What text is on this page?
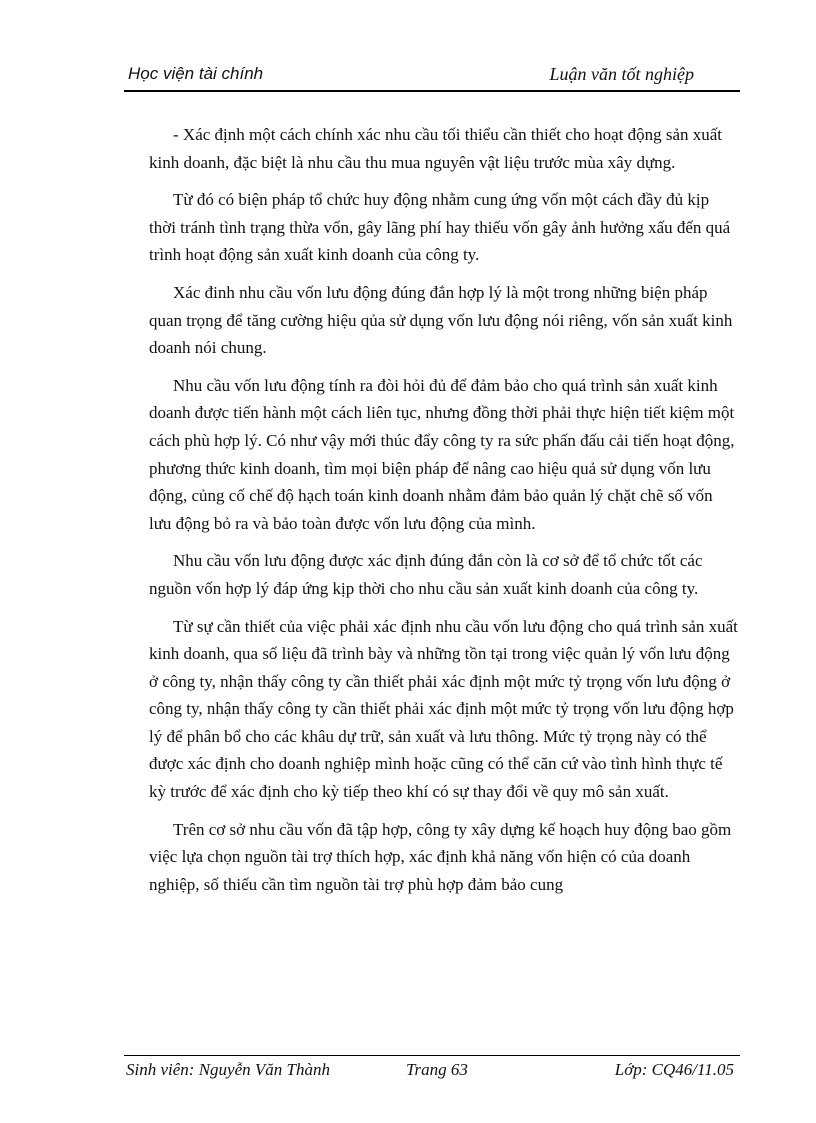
Học viện tài chính	Luận văn tốt nghiệp

- Xác định một cách chính xác nhu cầu tối thiểu cần thiết cho hoạt động sản xuất kinh doanh, đặc biệt là nhu cầu thu mua nguyên vật liệu trước mùa xây dựng.

Từ đó có biện pháp tổ chức huy động nhằm cung ứng vốn một cách đầy đủ kịp thời tránh tình trạng thừa vốn, gây lãng phí hay thiếu vốn gây ảnh hưởng xấu đến quá trình hoạt động sản xuất kinh doanh của công ty.

Xác đinh nhu cầu vốn lưu động đúng đắn hợp lý là một trong những biện pháp quan trọng để tăng cường hiệu qủa sử dụng vốn lưu động nói riêng, vốn sản xuất kinh doanh nói chung.

Nhu cầu vốn lưu động tính ra đòi hỏi đủ để đảm bảo cho quá trình sản xuất kinh doanh được tiến hành một cách liên tục, nhưng đồng thời phải thực hiện tiết kiệm một cách phù hợp lý. Có như vậy mới thúc đẩy công ty ra sức phấn đấu cải tiến hoạt động, phương thức kinh doanh, tìm mọi biện pháp để nâng cao hiệu quả sử dụng vốn lưu động, củng cố chế độ hạch toán kinh doanh nhằm đảm bảo quản lý chặt chẽ số vốn lưu động bỏ ra và bảo toàn được vốn lưu động của mình.

Nhu cầu vốn lưu động được xác định đúng đắn còn là cơ sở để tổ chức tốt các nguồn vốn hợp lý đáp ứng kịp thời cho nhu cầu sản xuất kinh doanh của công ty.

Từ sự cần thiết của việc phải xác định nhu cầu vốn lưu động cho quá trình sản xuất kinh doanh, qua số liệu đã trình bày và những tồn tại trong việc quản lý vốn lưu động ở công ty, nhận thấy công ty cần thiết phải xác định một mức tỷ trọng vốn lưu động ở công ty, nhận thấy công ty cần thiết phải xác định một mức tỷ trọng vốn lưu động hợp lý để phân bổ cho các khâu dự trữ, sản xuất và lưu thông. Mức tỷ trọng này có thể được xác định cho doanh nghiệp mình hoặc cũng có thể căn cứ vào tình hình thực tế kỳ trước để xác định cho kỳ tiếp theo khí có sự thay đổi về quy mô sản xuất.

Trên cơ sở nhu cầu vốn đã tập hợp, công ty xây dựng kế hoạch huy động bao gồm việc lựa chọn nguồn tài trợ thích hợp, xác định khả năng vốn hiện có của doanh nghiệp, số thiếu cần tìm nguồn tài trợ phù hợp đảm bảo cung

Sinh viên: Nguyễn Văn Thành	Trang 63	Lớp: CQ46/11.05
